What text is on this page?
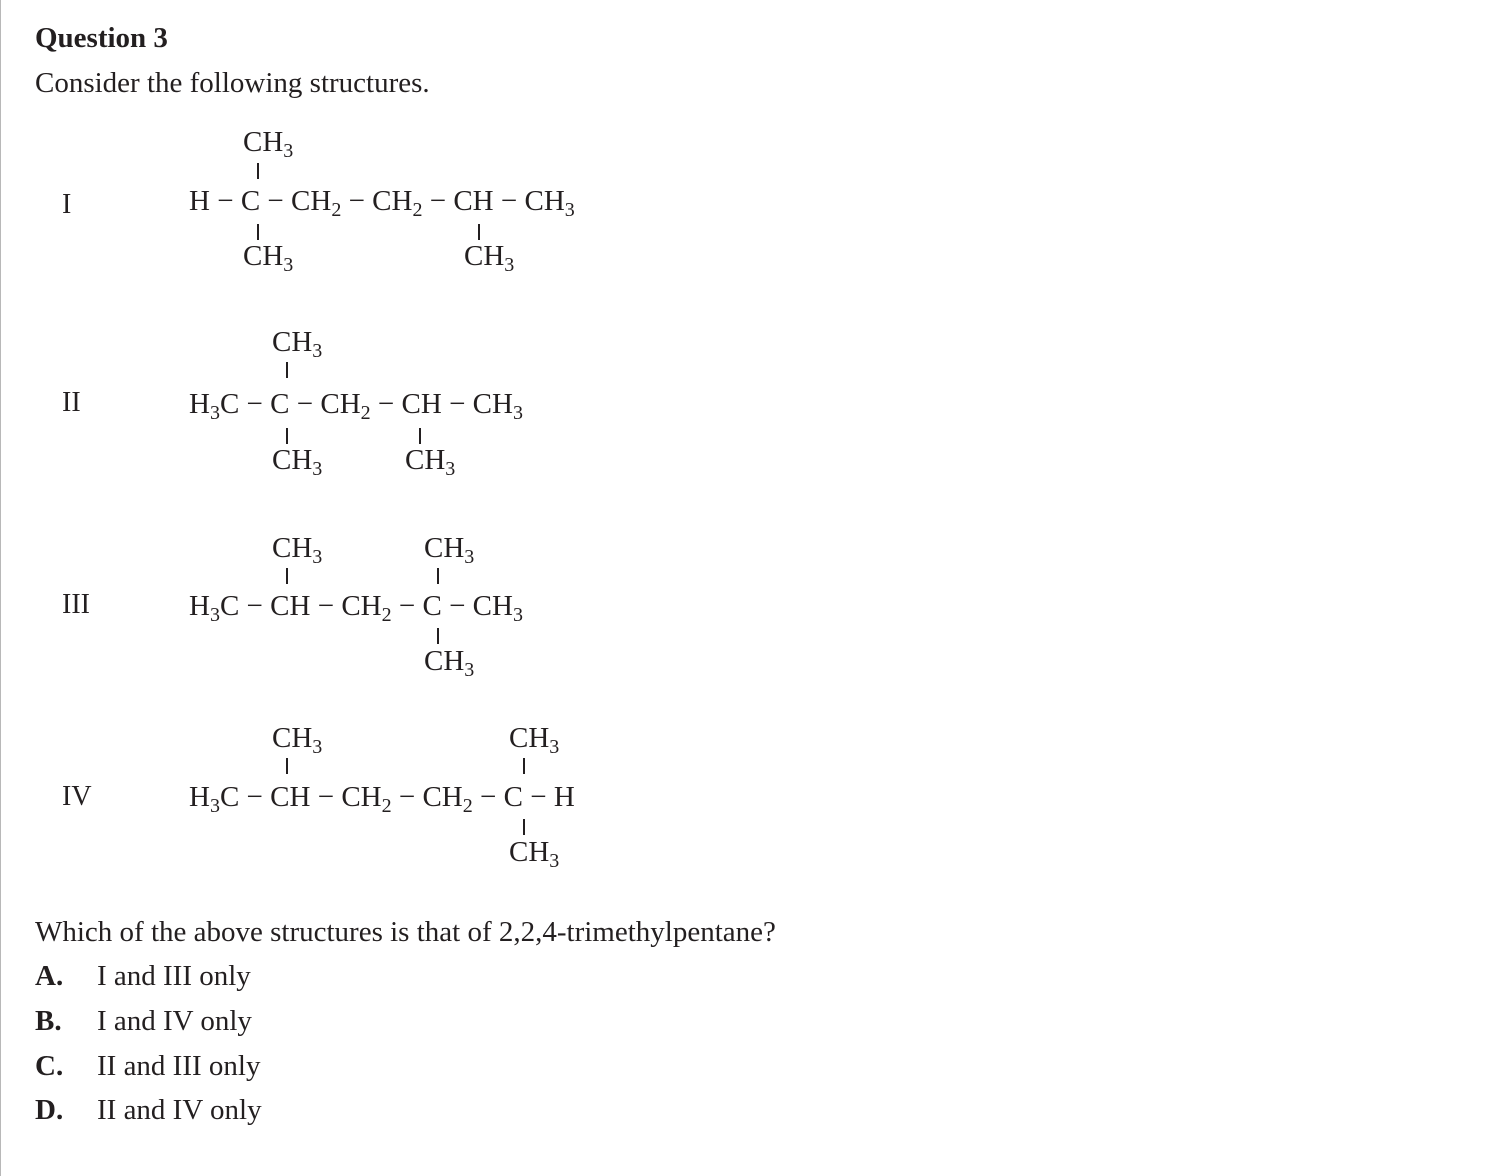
Question 3
Consider the following structures.
I
$CH_3$
$H - C - CH_2 - CH_2$ − CH − $CH_3$
$CH_3$	$CH_3$
II
$CH_3$
$H_3C - C - CH_2$ − CH − $CH_3$
$CH_3$	$CH_3$
III
$CH_3$	$CH_3$
$H_3C$ − CH − $CH_2 - C - CH_3$
$CH_3$
IV
$CH_3$	$CH_3$
$H_3C$ − CH − $CH_2 - CH_2 - C - H$
$CH_3$
Which of the above structures is that of 2,2,4-trimethylpentane?
A. I and III only
B. I and IV only
C. II and III only
D. II and IV only
